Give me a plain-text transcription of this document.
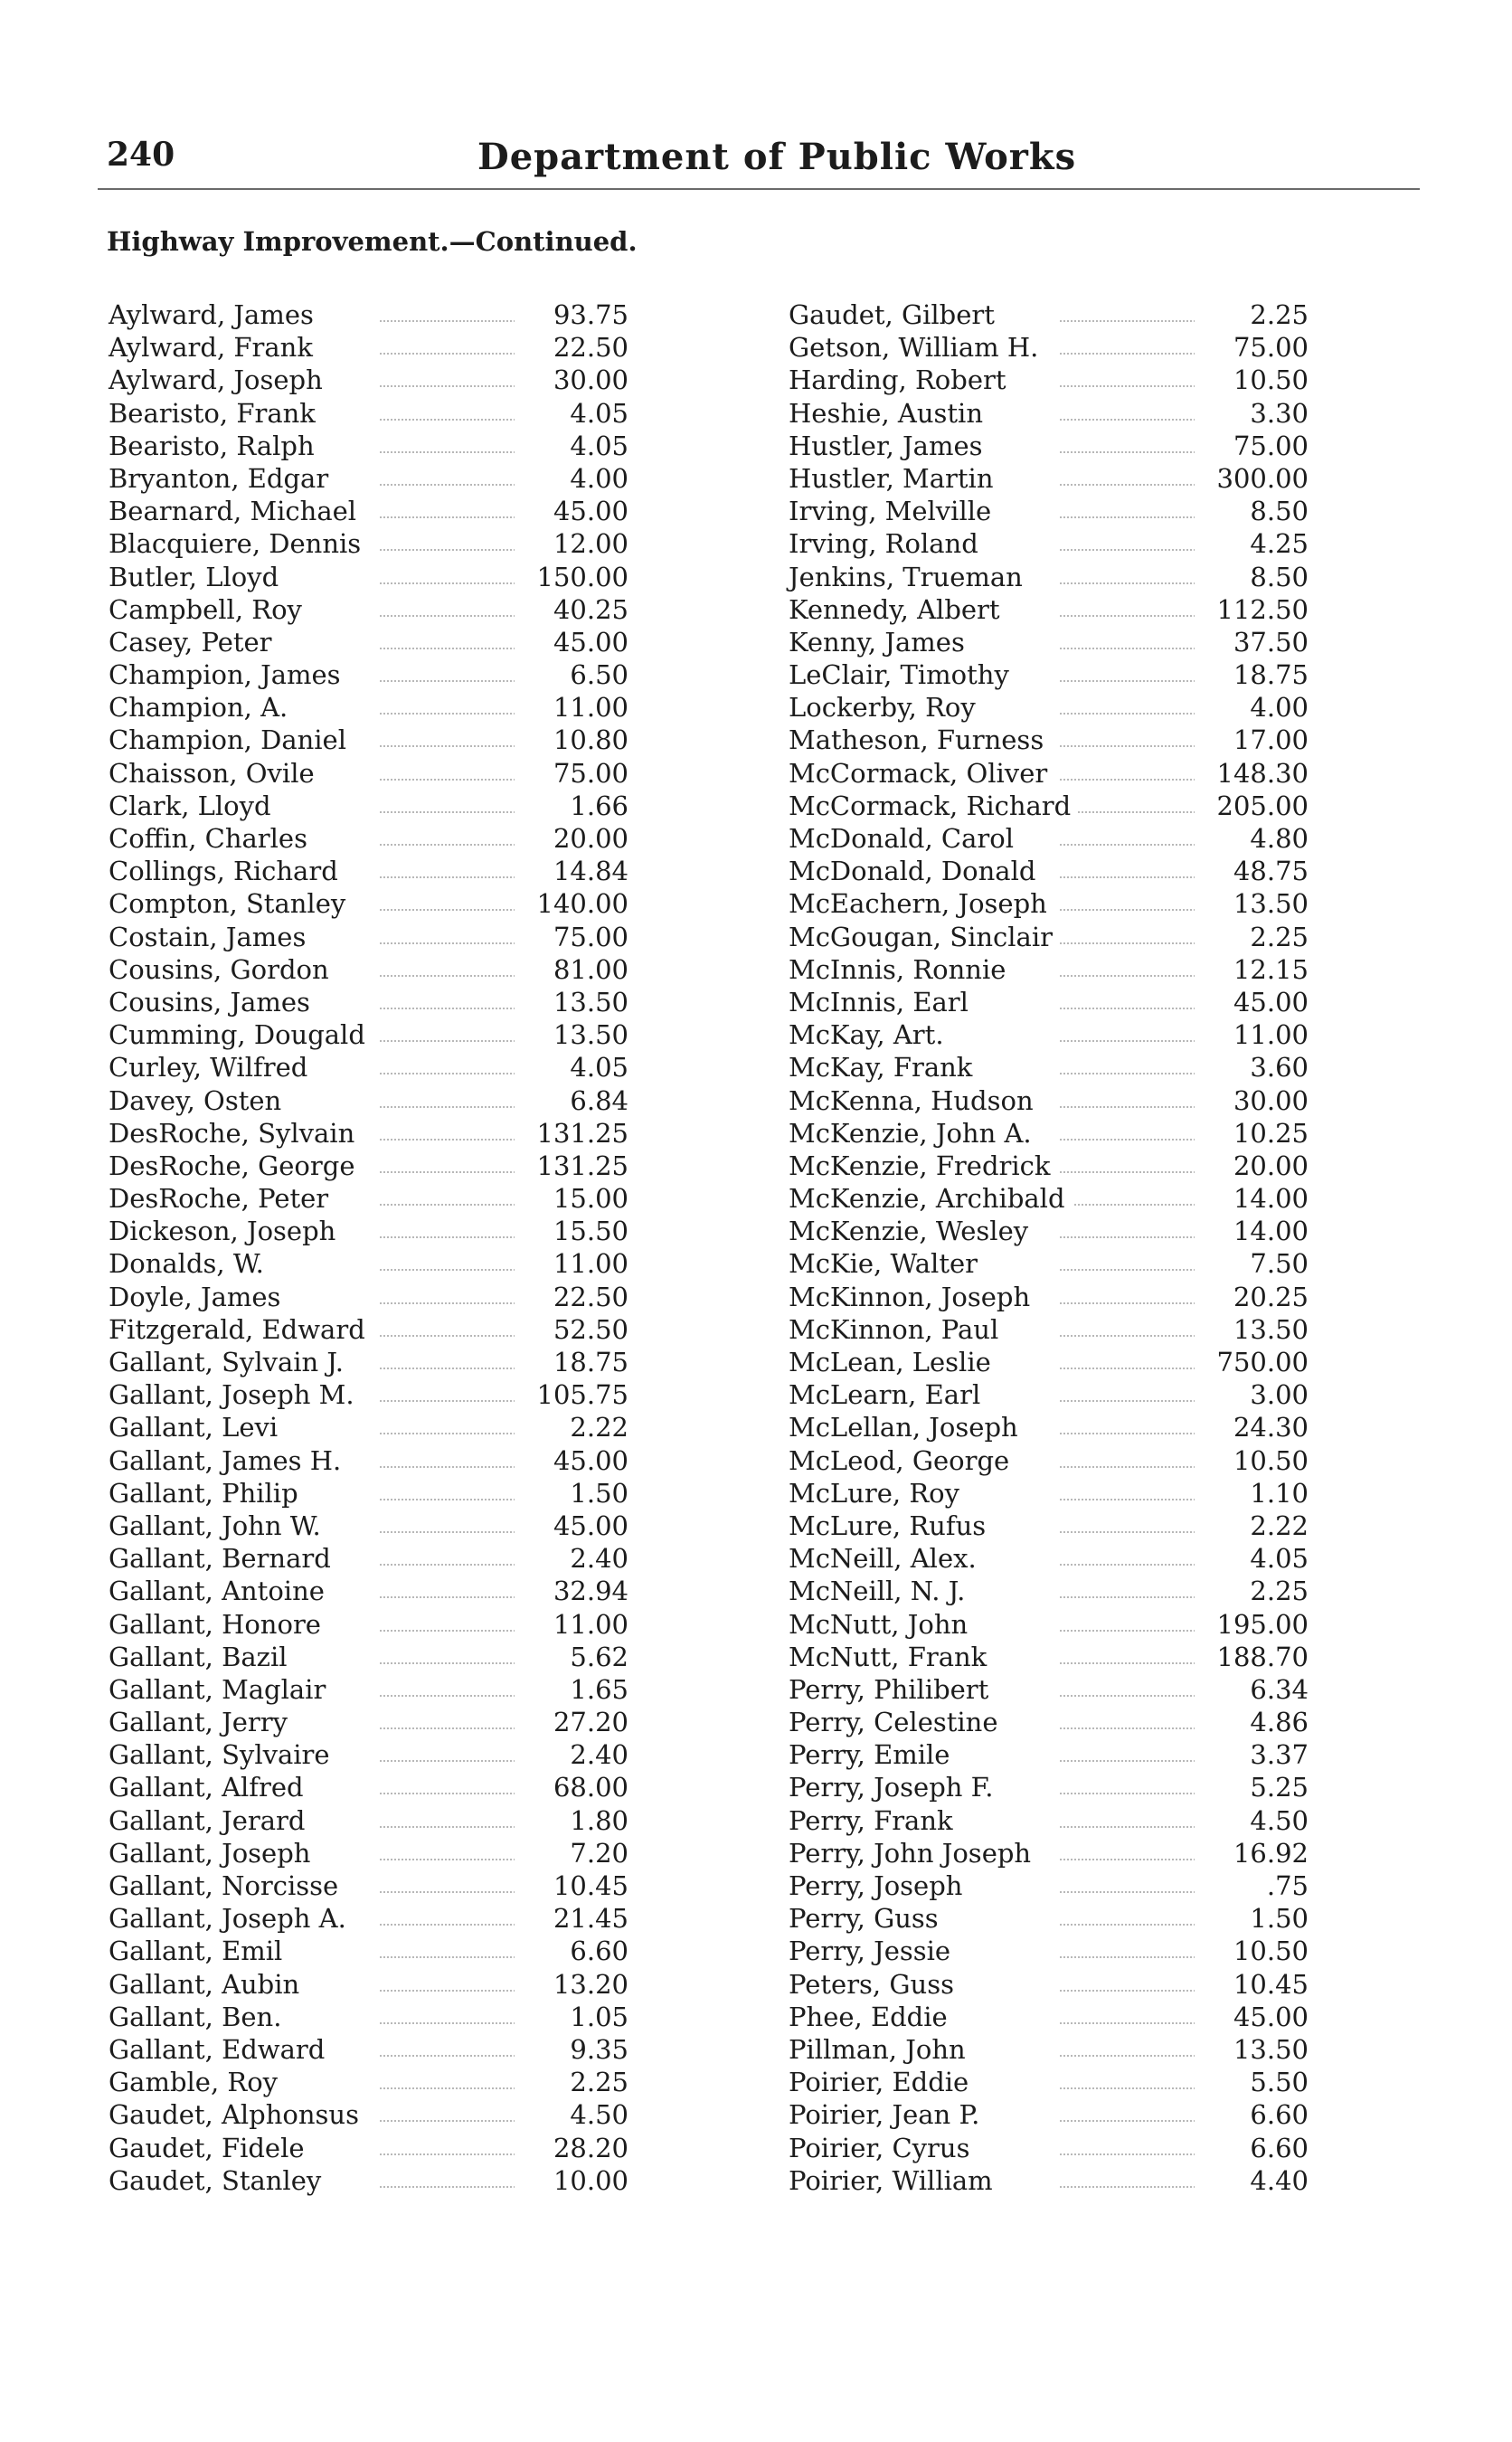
240	Department of Public Works
Highway Improvement.—Continued.
Aylward, James	93.75
Aylward, Frank	22.50
Aylward, Joseph	30.00
Bearisto, Frank	4.05
Bearisto, Ralph	4.05
Bryanton, Edgar	4.00
Bearnard, Michael	45.00
Blacquiere, Dennis	12.00
Butler, Lloyd	150.00
Campbell, Roy	40.25
Casey, Peter	45.00
Champion, James	6.50
Champion, A.	11.00
Champion, Daniel	10.80
Chaisson, Ovile	75.00
Clark, Lloyd	1.66
Coffin, Charles	20.00
Collings, Richard	14.84
Compton, Stanley	140.00
Costain, James	75.00
Cousins, Gordon	81.00
Cousins, James	13.50
Cumming, Dougald	13.50
Curley, Wilfred	4.05
Davey, Osten	6.84
DesRoche, Sylvain	131.25
DesRoche, George	131.25
DesRoche, Peter	15.00
Dickeson, Joseph	15.50
Donalds, W.	11.00
Doyle, James	22.50
Fitzgerald, Edward	52.50
Gallant, Sylvain J.	18.75
Gallant, Joseph M.	105.75
Gallant, Levi	2.22
Gallant, James H.	45.00
Gallant, Philip	1.50
Gallant, John W.	45.00
Gallant, Bernard	2.40
Gallant, Antoine	32.94
Gallant, Honore	11.00
Gallant, Bazil	5.62
Gallant, Maglair	1.65
Gallant, Jerry	27.20
Gallant, Sylvaire	2.40
Gallant, Alfred	68.00
Gallant, Jerard	1.80
Gallant, Joseph	7.20
Gallant, Norcisse	10.45
Gallant, Joseph A.	21.45
Gallant, Emil	6.60
Gallant, Aubin	13.20
Gallant, Ben.	1.05
Gallant, Edward	9.35
Gamble, Roy	2.25
Gaudet, Alphonsus	4.50
Gaudet, Fidele	28.20
Gaudet, Stanley	10.00
Gaudet, Gilbert	2.25
Getson, William H.	75.00
Harding, Robert	10.50
Heshie, Austin	3.30
Hustler, James	75.00
Hustler, Martin	300.00
Irving, Melville	8.50
Irving, Roland	4.25
Jenkins, Trueman	8.50
Kennedy, Albert	112.50
Kenny, James	37.50
LeClair, Timothy	18.75
Lockerby, Roy	4.00
Matheson, Furness	17.00
McCormack, Oliver	148.30
McCormack, Richard	205.00
McDonald, Carol	4.80
McDonald, Donald	48.75
McEachern, Joseph	13.50
McGougan, Sinclair	2.25
McInnis, Ronnie	12.15
McInnis, Earl	45.00
McKay, Art.	11.00
McKay, Frank	3.60
McKenna, Hudson	30.00
McKenzie, John A.	10.25
McKenzie, Fredrick	20.00
McKenzie, Archibald	14.00
McKenzie, Wesley	14.00
McKie, Walter	7.50
McKinnon, Joseph	20.25
McKinnon, Paul	13.50
McLean, Leslie	750.00
McLearn, Earl	3.00
McLellan, Joseph	24.30
McLeod, George	10.50
McLure, Roy	1.10
McLure, Rufus	2.22
McNeill, Alex.	4.05
McNeill, N. J.	2.25
McNutt, John	195.00
McNutt, Frank	188.70
Perry, Philibert	6.34
Perry, Celestine	4.86
Perry, Emile	3.37
Perry, Joseph F.	5.25
Perry, Frank	4.50
Perry, John Joseph	16.92
Perry, Joseph	.75
Perry, Guss	1.50
Perry, Jessie	10.50
Peters, Guss	10.45
Phee, Eddie	45.00
Pillman, John	13.50
Poirier, Eddie	5.50
Poirier, Jean P.	6.60
Poirier, Cyrus	6.60
Poirier, William	4.40
